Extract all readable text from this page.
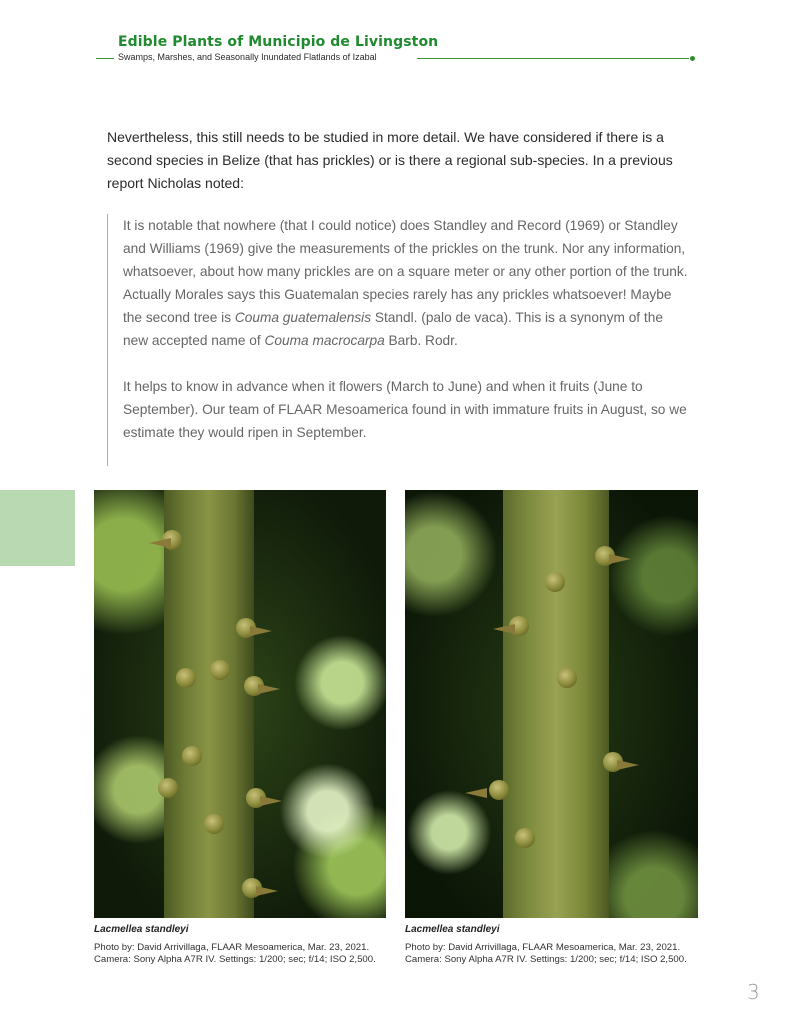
Edible Plants of Municipio de Livingston
Swamps, Marshes, and Seasonally Inundated Flatlands of Izabal

Nevertheless, this still needs to be studied in more detail. We have considered if there is a second species in Belize (that has prickles) or is there a regional sub-species. In a previous report Nicholas noted:

It is notable that nowhere (that I could notice) does Standley and Record (1969) or Standley and Williams (1969) give the measurements of the prickles on the trunk. Nor any information, whatsoever, about how many prickles are on a square meter or any other portion of the trunk. Actually Morales says this Guatemalan species rarely has any prickles whatsoever! Maybe the second tree is Couma guatemalensis Standl. (palo de vaca). This is a synonym of the new accepted name of Couma macrocarpa Barb. Rodr.

It helps to know in advance when it flowers (March to June) and when it fruits (June to September). Our team of FLAAR Mesoamerica found in with immature fruits in August, so we estimate they would ripen in September.

Lacmellea standleyi
Photo by: David Arrivillaga, FLAAR Mesoamerica, Mar. 23, 2021. Camera: Sony Alpha A7R IV. Settings: 1/200; sec; f/14; ISO 2,500.
Lacmellea standleyi
Photo by: David Arrivillaga, FLAAR Mesoamerica, Mar. 23, 2021. Camera: Sony Alpha A7R IV. Settings: 1/200; sec; f/14; ISO 2,500.
3
